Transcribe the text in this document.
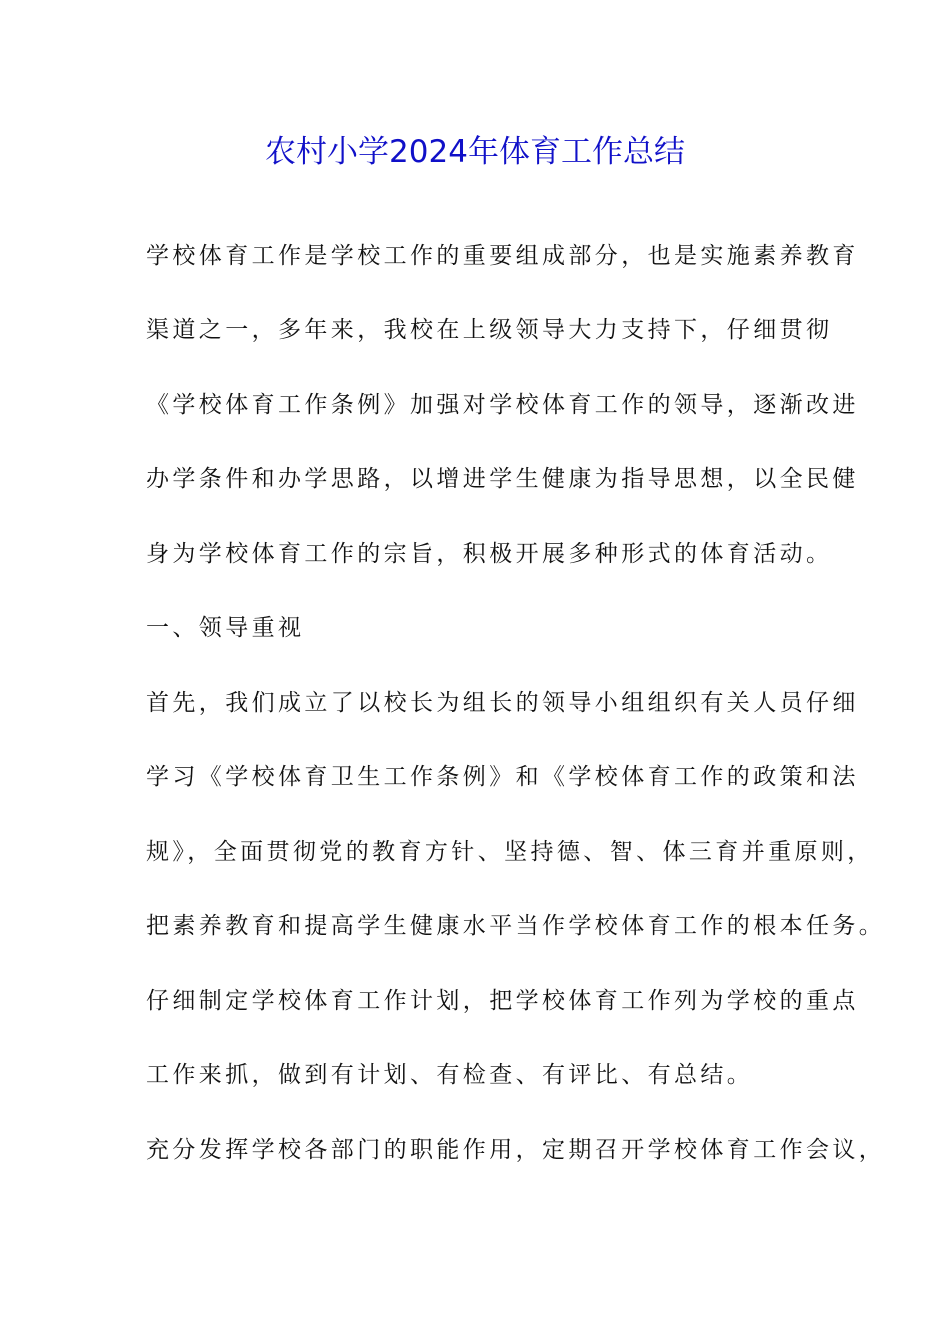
农村小学2024年体育工作总结
学校体育工作是学校工作的重要组成部分，也是实施素养教育
渠道之一，多年来，我校在上级领导大力支持下，仔细贯彻
《学校体育工作条例》加强对学校体育工作的领导，逐渐改进
办学条件和办学思路，以增进学生健康为指导思想，以全民健
身为学校体育工作的宗旨，积极开展多种形式的体育活动。
一、领导重视
首先，我们成立了以校长为组长的领导小组组织有关人员仔细
学习《学校体育卫生工作条例》和《学校体育工作的政策和法
规》，全面贯彻党的教育方针、坚持德、智、体三育并重原则，
把素养教育和提高学生健康水平当作学校体育工作的根本任务。
仔细制定学校体育工作计划，把学校体育工作列为学校的重点
工作来抓，做到有计划、有检查、有评比、有总结。
充分发挥学校各部门的职能作用，定期召开学校体育工作会议，
